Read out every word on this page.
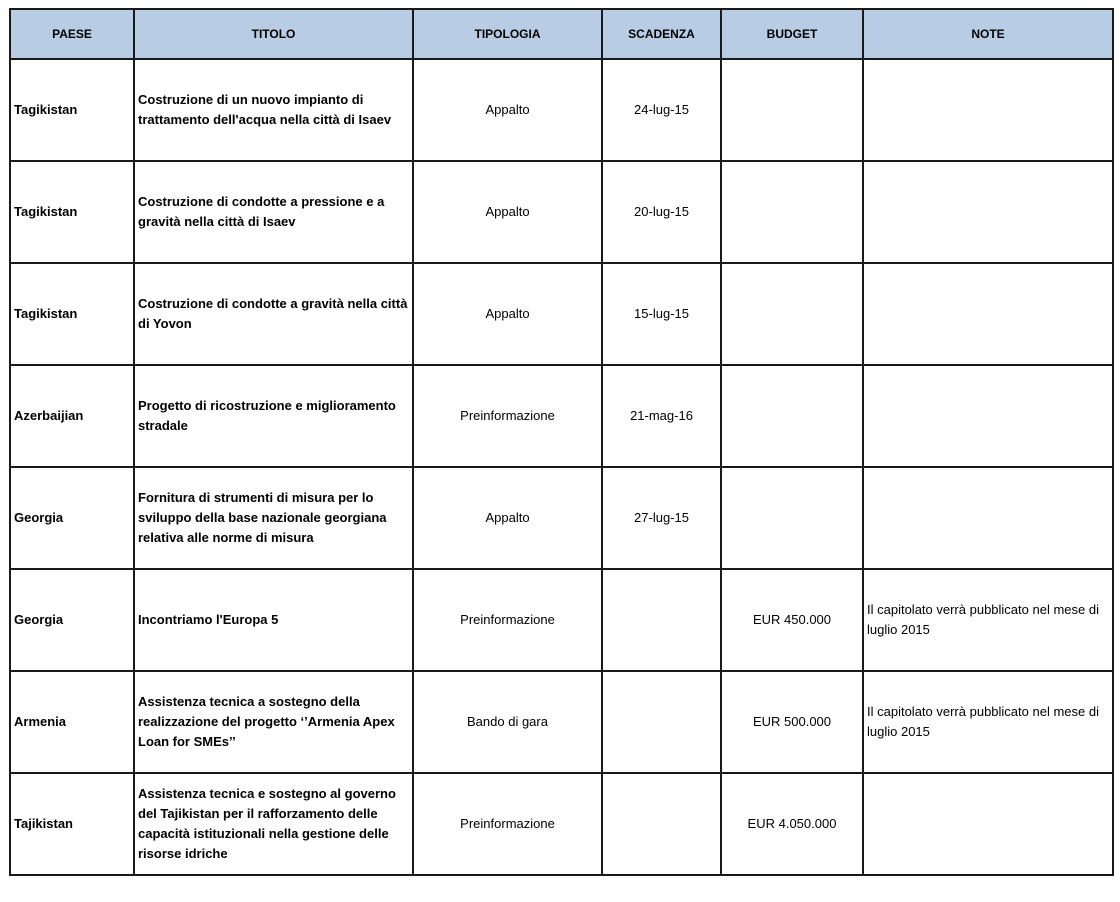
PAESE	TITOLO	TIPOLOGIA	SCADENZA	BUDGET	NOTE
Tagikistan	Costruzione di un nuovo impianto di trattamento dell'acqua nella città di Isaev	Appalto	24-lug-15		
Tagikistan	Costruzione di condotte a pressione e a gravità nella città di Isaev	Appalto	20-lug-15		
Tagikistan	Costruzione di condotte a gravità nella città di Yovon	Appalto	15-lug-15		
Azerbaijian	Progetto di ricostruzione e miglioramento stradale	Preinformazione	21-mag-16		
Georgia	Fornitura di strumenti di misura per lo sviluppo della base nazionale georgiana relativa alle norme di misura	Appalto	27-lug-15		
Georgia	Incontriamo l'Europa 5	Preinformazione		EUR 450.000	Il capitolato verrà pubblicato nel mese di luglio 2015
Armenia	Assistenza tecnica a sostegno della realizzazione del progetto ‘’Armenia Apex Loan for SMEs’’	Bando di gara		EUR 500.000	Il capitolato verrà pubblicato nel mese di luglio 2015
Tajikistan	Assistenza tecnica e sostegno al governo del Tajikistan per il rafforzamento delle capacità istituzionali nella gestione delle risorse idriche	Preinformazione		EUR 4.050.000	
